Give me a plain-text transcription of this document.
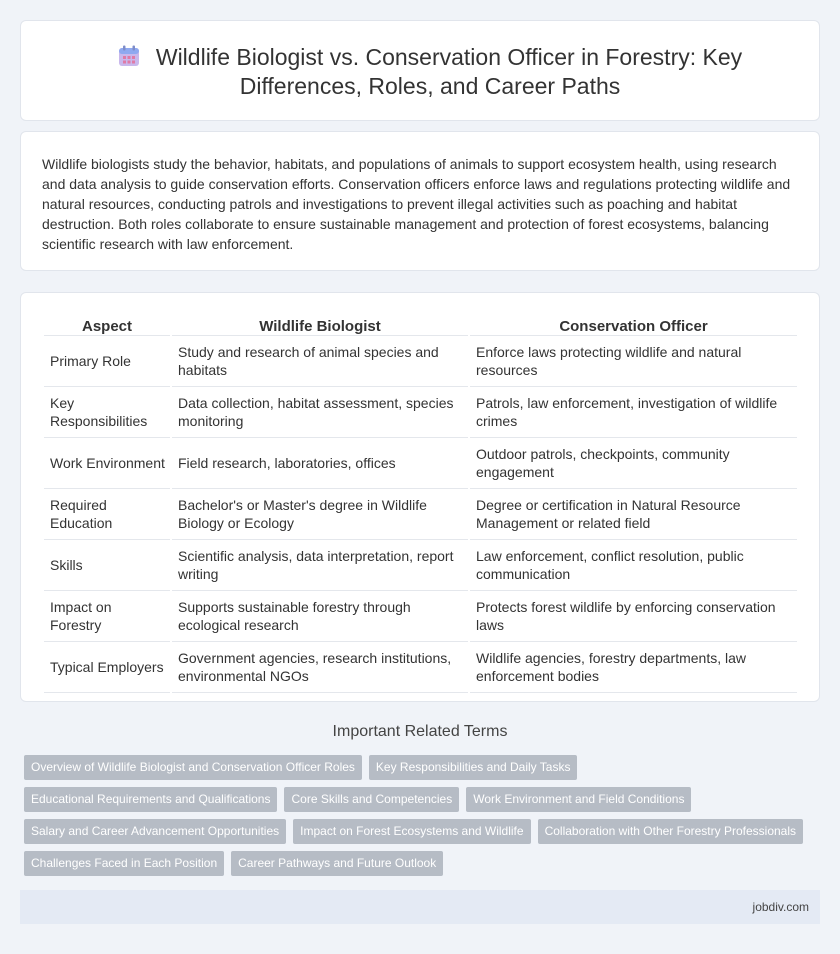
Wildlife Biologist vs. Conservation Officer in Forestry: Key Differences, Roles, and Career Paths

Wildlife biologists study the behavior, habitats, and populations of animals to support ecosystem health, using research and data analysis to guide conservation efforts. Conservation officers enforce laws and regulations protecting wildlife and natural resources, conducting patrols and investigations to prevent illegal activities such as poaching and habitat destruction. Both roles collaborate to ensure sustainable management and protection of forest ecosystems, balancing scientific research with law enforcement.

Aspect	Wildlife Biologist	Conservation Officer
Primary Role	Study and research of animal species and habitats	Enforce laws protecting wildlife and natural resources
Key Responsibilities	Data collection, habitat assessment, species monitoring	Patrols, law enforcement, investigation of wildlife crimes
Work Environment	Field research, laboratories, offices	Outdoor patrols, checkpoints, community engagement
Required Education	Bachelor's or Master's degree in Wildlife Biology or Ecology	Degree or certification in Natural Resource Management or related field
Skills	Scientific analysis, data interpretation, report writing	Law enforcement, conflict resolution, public communication
Impact on Forestry	Supports sustainable forestry through ecological research	Protects forest wildlife by enforcing conservation laws
Typical Employers	Government agencies, research institutions, environmental NGOs	Wildlife agencies, forestry departments, law enforcement bodies
Important Related Terms
Overview of Wildlife Biologist and Conservation Officer Roles Key Responsibilities and Daily Tasks
Educational Requirements and Qualifications Core Skills and Competencies Work Environment and Field Conditions
Salary and Career Advancement Opportunities Impact on Forest Ecosystems and Wildlife Collaboration with Other Forestry Professionals
Challenges Faced in Each Position Career Pathways and Future Outlook
jobdiv.com
